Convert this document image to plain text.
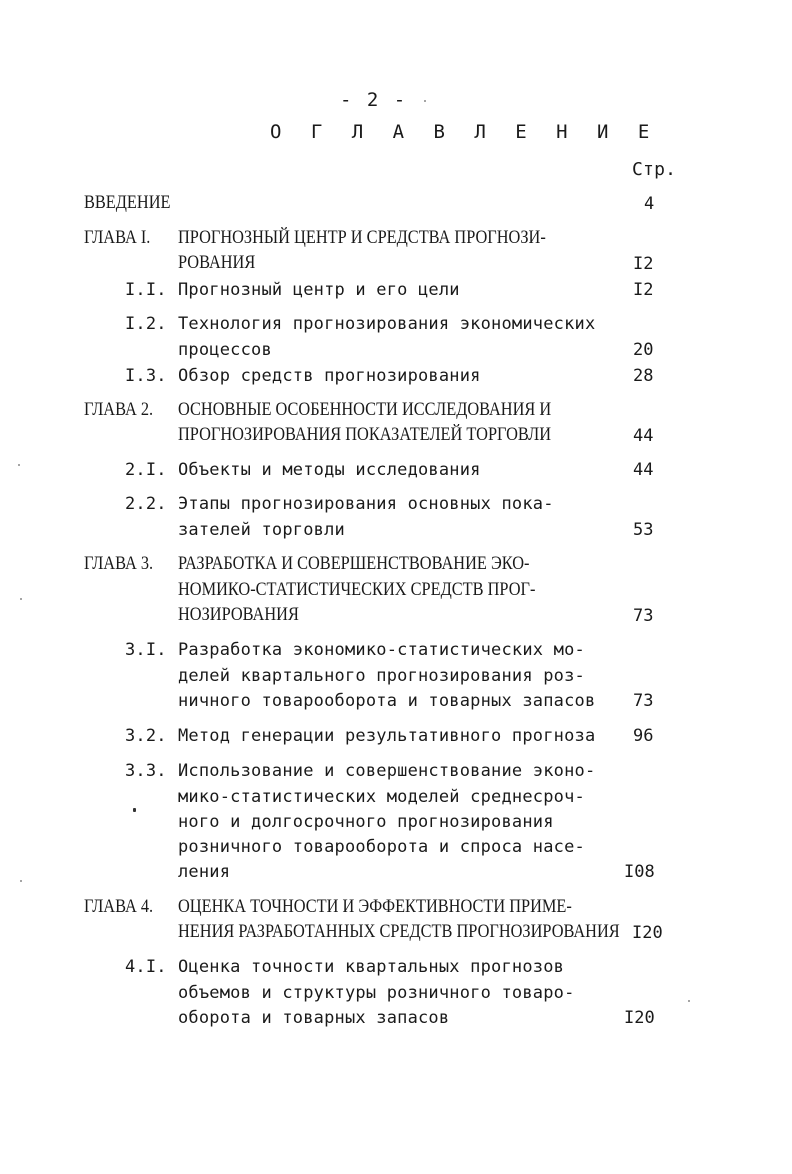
- 2 -
О Г Л А В Л Е Н И Е
Стр.
ВВЕДЕНИЕ	4
ГЛАВА I. ПРОГНОЗНЫЙ ЦЕНТР И СРЕДСТВА ПРОГНОЗИ-
РОВАНИЯ	I2
I.I. Прогнозный центр и его цели	I2
I.2. Технология прогнозирования экономических
процессов	20
I.3. Обзор средств прогнозирования	28
ГЛАВА 2. ОСНОВНЫЕ ОСОБЕННОСТИ ИССЛЕДОВАНИЯ И
ПРОГНОЗИРОВАНИЯ ПОКАЗАТЕЛЕЙ ТОРГОВЛИ	44
2.I. Объекты и методы исследования	44
2.2. Этапы прогнозирования основных пока-
зателей торговли	53
ГЛАВА 3. РАЗРАБОТКА И СОВЕРШЕНСТВОВАНИЕ ЭКО-
НОМИКО-СТАТИСТИЧЕСКИХ СРЕДСТВ ПРОГ-
НОЗИРОВАНИЯ	73
3.I. Разработка экономико-статистических мо-
делей квартального прогнозирования роз-
ничного товарооборота и товарных запасов 73
3.2. Метод генерации результативного прогноза 96
3.3. Использование и совершенствование эконо-
мико-статистических моделей среднесроч-
ного и долгосрочного прогнозирования
розничного товарооборота и спроса насе-
ления	I08
ГЛАВА 4. ОЦЕНКА ТОЧНОСТИ И ЭФФЕКТИВНОСТИ ПРИМЕ-
НЕНИЯ РАЗРАБОТАННЫХ СРЕДСТВ ПРОГНОЗИРОВАНИЯ I20
4.I. Оценка точности квартальных прогнозов
объемов и структуры розничного товаро-
оборота и товарных запасов	I20
